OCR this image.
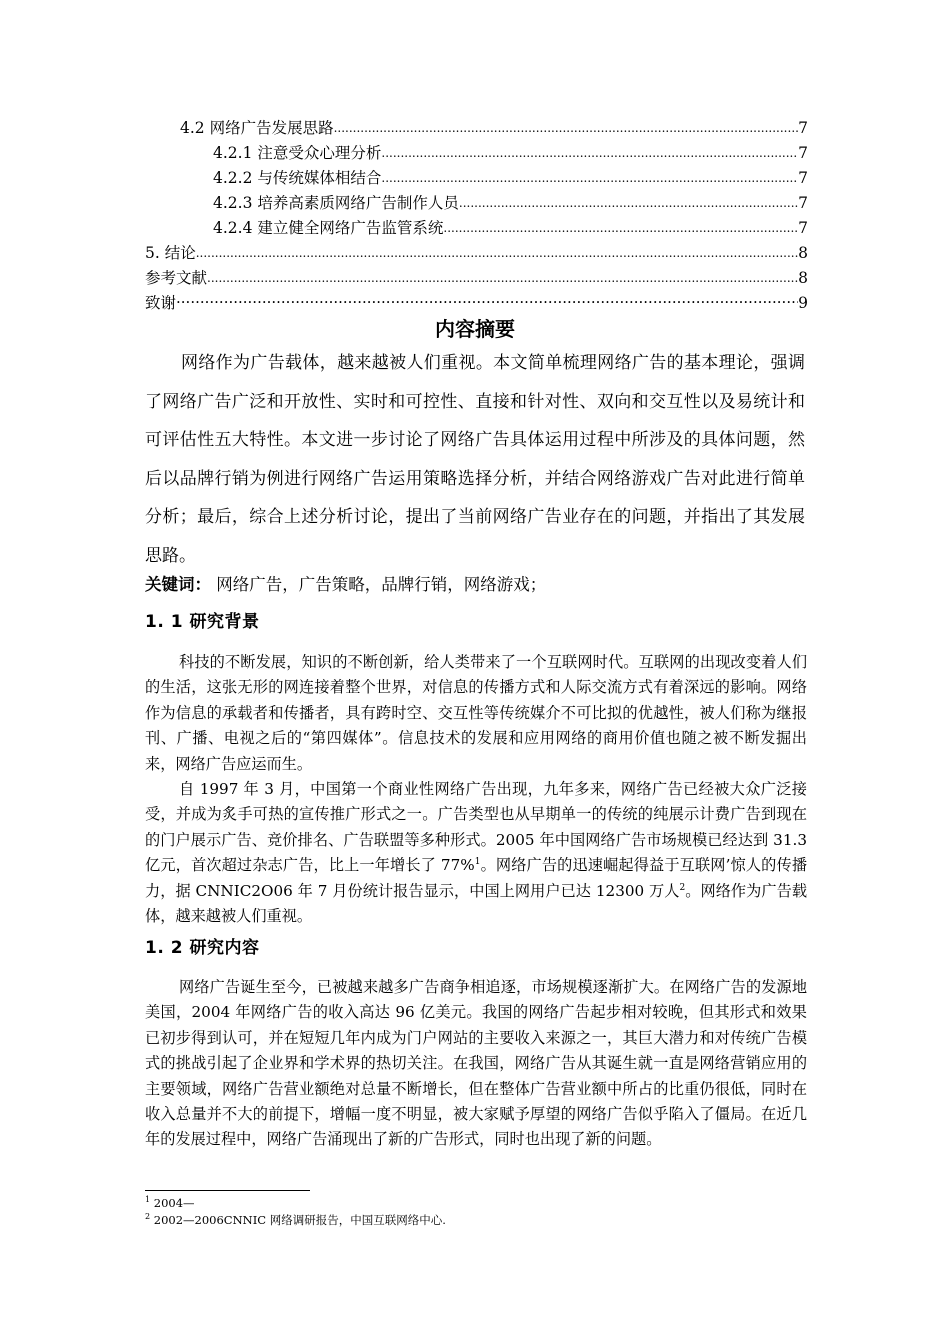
4.2 网络广告发展思路 .....	7
4.2.1 注意受众心理分析 .....	7
4.2.2 与传统媒体相结合 .....	7
4.2.3 培养高素质网络广告制作人员 .....	7
4.2.4 建立健全网络广告监管系统 .....	7
5. 结论 .....	8
参考文献 .....	8
致谢 ·····	9
内容摘要

网络作为广告载体，越来越被人们重视。本文简单梳理网络广告的基本理论，强调了网络广告广泛和开放性、实时和可控性、直接和针对性、双向和交互性以及易统计和可评估性五大特性。本文进一步讨论了网络广告具体运用过程中所涉及的具体问题，然后以品牌行销为例进行网络广告运用策略选择分析，并结合网络游戏广告对此进行简单分析；最后，综合上述分析讨论，提出了当前网络广告业存在的问题，并指出了其发展思路。

关键词： 网络广告，广告策略，品牌行销，网络游戏；
1. 1 研究背景

科技的不断发展，知识的不断创新，给人类带来了一个互联网时代。互联网的出现改变着人们的生活，这张无形的网连接着整个世界，对信息的传播方式和人际交流方式有着深远的影响。网络作为信息的承载者和传播者，具有跨时空、交互性等传统媒介不可比拟的优越性，被人们称为继报刊、广播、电视之后的“第四媒体”。信息技术的发展和应用网络的商用价值也随之被不断发掘出来，网络广告应运而生。

自 1997 年 3 月，中国第一个商业性网络广告出现，九年多来，网络广告已经被大众广泛接受，并成为炙手可热的宣传推广形式之一。广告类型也从早期单一的传统的纯展示计费广告到现在的门户展示广告、竞价排名、广告联盟等多种形式。2005 年中国网络广告市场规模已经达到 31.3 亿元，首次超过杂志广告，比上一年增长了 77%$^1$。网络广告的迅速崛起得益于互联网’惊人的传播力，据 CNNIC2O06 年 7 月份统计报告显示，中国上网用户已达 12300 万人$^2$。网络作为广告载体，越来越被人们重视。

1. 2 研究内容

网络广告诞生至今，已被越来越多广告商争相追逐，市场规模逐渐扩大。在网络广告的发源地美国，2004 年网络广告的收入高达 96 亿美元。我国的网络广告起步相对较晚，但其形式和效果已初步得到认可，并在短短几年内成为门户网站的主要收入来源之一，其巨大潜力和对传统广告模式的挑战引起了企业界和学术界的热切关注。在我国，网络广告从其诞生就一直是网络营销应用的主要领域，网络广告营业额绝对总量不断增长，但在整体广告营业额中所占的比重仍很低，同时在收入总量并不大的前提下，增幅一度不明显，被大家赋予厚望的网络广告似乎陷入了僵局。在近几年的发展过程中，网络广告涌现出了新的广告形式，同时也出现了新的问题。

$^1$ 2004—
$^2$ 2002—2006CNNIC 网络调研报告，中国互联网络中心.
